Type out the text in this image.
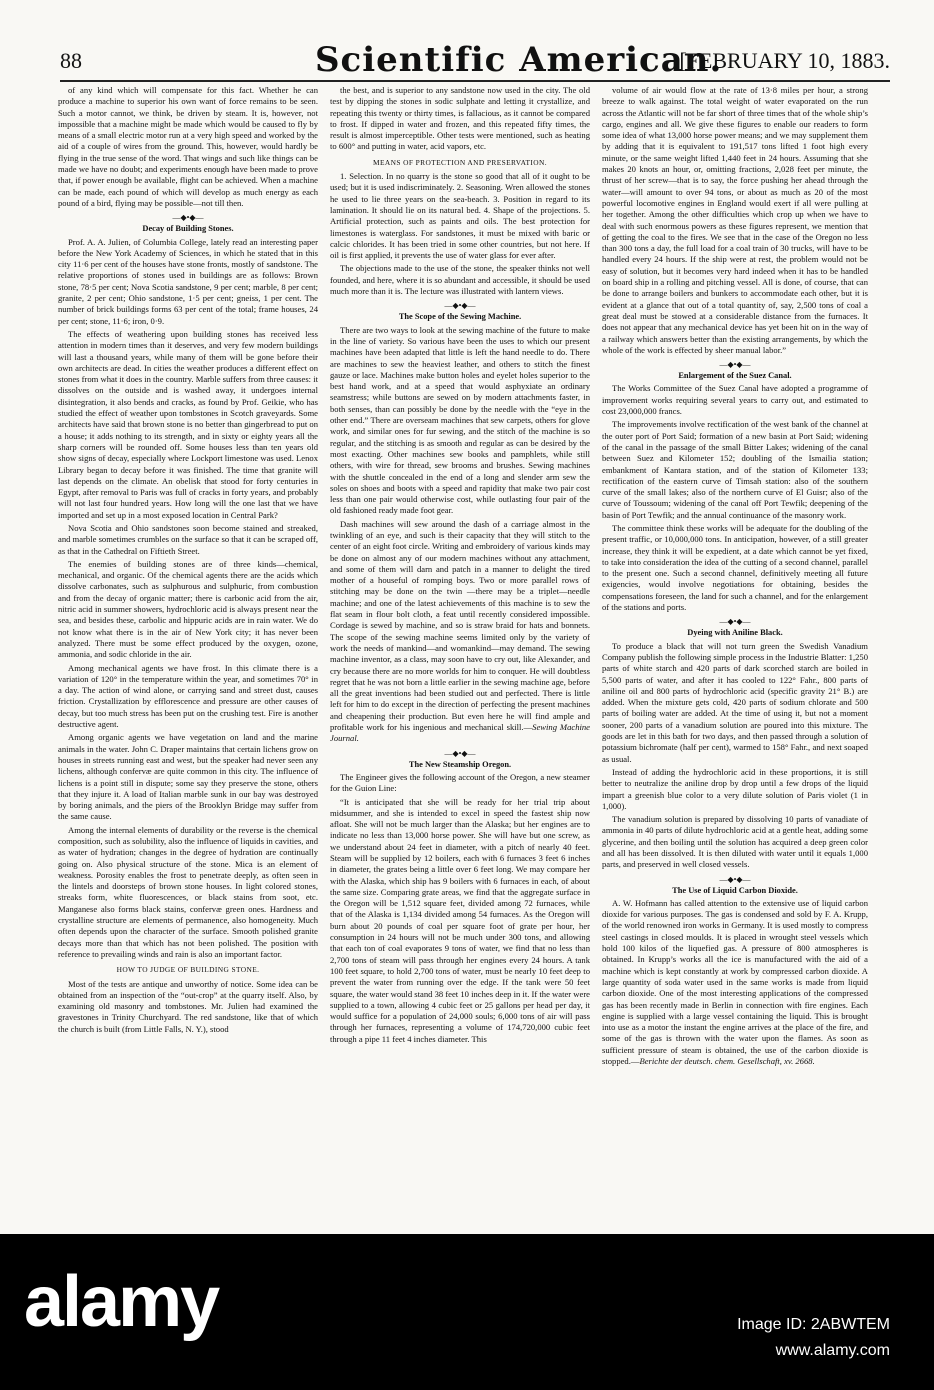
88	Scientific American.
[FEBRUARY 10, 1883.

of any kind which will compensate for this fact. Whether he can produce a machine to superior his own want of force remains to be seen. Such a motor cannot, we think, be driven by steam. It is, however, not impossible that a machine might be made which would be caused to fly by means of a small electric motor run at a very high speed and worked by the aid of a couple of wires from the ground. This, however, would hardly be flying in the true sense of the word. That wings and such like things can be made we have no doubt; and experiments enough have been made to prove that, if power enough be available, flight can be achieved. When a machine can be made, each pound of which will develop as much energy as each pound of a bird, flying may be possible—not till then.

—◆•◆—

Decay of Building Stones.

Prof. A. A. Julien, of Columbia College, lately read an interesting paper before the New York Academy of Sciences, in which he stated that in this city 11·6 per cent of the houses have stone fronts, mostly of sandstone. The relative proportions of stones used in buildings are as follows: Brown stone, 78·5 per cent; Nova Scotia sandstone, 9 per cent; marble, 8 per cent; granite, 2 per cent; Ohio sandstone, 1·5 per cent; gneiss, 1 per cent. The number of brick buildings forms 63 per cent of the total; frame houses, 24 per cent; stone, 11·6; iron, 0·9.

The effects of weathering upon building stones has received less attention in modern times than it deserves, and very few modern buildings will last a thousand years, while many of them will be gone before their own architects are dead. In cities the weather produces a different effect on stones from what it does in the country. Marble suffers from three causes: it dissolves on the outside and is washed away, it undergoes internal disintegration, it also bends and cracks, as found by Prof. Geikie, who has studied the effect of weather upon tombstones in Scotch graveyards. Some architects have said that brown stone is no better than gingerbread to put on a house; it adds nothing to its strength, and in sixty or eighty years all the sharp corners will be rounded off. Some houses less than ten years old show signs of decay, especially where Lockport limestone was used. Lenox Library began to decay before it was finished. The time that granite will last depends on the climate. An obelisk that stood for forty centuries in Egypt, after removal to Paris was full of cracks in forty years, and probably will not last four hundred years. How long will the one last that we have imported and set up in a most exposed location in Central Park?

Nova Scotia and Ohio sandstones soon become stained and streaked, and marble sometimes crumbles on the surface so that it can be scraped off, as that in the Cathedral on Fiftieth Street.

The enemies of building stones are of three kinds—chemical, mechanical, and organic. Of the chemical agents there are the acids which dissolve carbonates, such as sulphurous and sulphuric, from combustion and from the decay of organic matter; there is carbonic acid from the air, nitric acid in summer showers, hydrochloric acid is always present near the sea, and besides these, carbolic and hippuric acids are in rain water. We do not know what there is in the air of New York city; it has never been analyzed. There must be some effect produced by the oxygen, ozone, ammonia, and sodic chloride in the air.

Among mechanical agents we have frost. In this climate there is a variation of 120° in the temperature within the year, and sometimes 70° in a day. The action of wind alone, or carrying sand and street dust, causes friction. Crystallization by efflorescence and pressure are other causes of decay, but too much stress has been put on the crushing test. Fire is another destructive agent.

Among organic agents we have vegetation on land and the marine animals in the water. John C. Draper maintains that certain lichens grow on houses in streets running east and west, but the speaker had never seen any lichens, although confervæ are quite common in this city. The influence of lichens is a point still in dispute; some say they preserve the stone, others that they injure it. A load of Italian marble sunk in our bay was destroyed by boring animals, and the piers of the Brooklyn Bridge may suffer from the same cause.

Among the internal elements of durability or the reverse is the chemical composition, such as solubility, also the influence of liquids in cavities, and as water of hydration; changes in the degree of hydration are continually going on. Also physical structure of the stone. Mica is an element of weakness. Porosity enables the frost to penetrate deeply, as often seen in the lintels and doorsteps of brown stone houses. In light colored stones, streaks form, white fluorescences, or black stains from soot, etc. Manganese also forms black stains, confervæ green ones. Hardness and crystalline structure are elements of permanence, also homogeneity. Much often depends upon the character of the surface. Smooth polished granite decays more than that which has not been polished. The position with reference to prevailing winds and rain is also an important factor.

HOW TO JUDGE OF BUILDING STONE.

Most of the tests are antique and unworthy of notice. Some idea can be obtained from an inspection of the “out-crop” at the quarry itself. Also, by examining old masonry and tombstones. Mr. Julien had examined the gravestones in Trinity Churchyard. The red sandstone, like that of which the church is built (from Little Falls, N. Y.), stood

the best, and is superior to any sandstone now used in the city. The old test by dipping the stones in sodic sulphate and letting it crystallize, and repeating this twenty or thirty times, is fallacious, as it cannot be compared to frost. If dipped in water and frozen, and this repeated fifty times, the result is almost imperceptible. Other tests were mentioned, such as heating to 600° and putting in water, acid vapors, etc.

MEANS OF PROTECTION AND PRESERVATION.

1. Selection. In no quarry is the stone so good that all of it ought to be used; but it is used indiscriminately. 2. Seasoning. Wren allowed the stones he used to lie three years on the sea-beach. 3. Position in regard to its lamination. It should lie on its natural bed. 4. Shape of the projections. 5. Artificial protection, such as paints and oils. The best protection for limestones is waterglass. For sandstones, it must be mixed with baric or calcic chlorides. It has been tried in some other countries, but not here. If oil is first applied, it prevents the use of water glass for ever after.

The objections made to the use of the stone, the speaker thinks not well founded, and here, where it is so abundant and accessible, it should be used much more than it is. The lecture was illustrated with lantern views.

—◆•◆—

The Scope of the Sewing Machine.

There are two ways to look at the sewing machine of the future to make in the line of variety. So various have been the uses to which our present machines have been adapted that little is left the hand needle to do. There are machines to sew the heaviest leather, and others to stitch the finest gauze or lace. Machines make button holes and eyelet holes superior to the best hand work, and at a speed that would asphyxiate an ordinary seamstress; while buttons are sewed on by modern attachments faster, in both senses, than can possibly be done by the needle with the “eye in the other end.” There are overseam machines that sew carpets, others for glove work, and similar ones for fur sewing, and the stitch of the machine is so regular, and the stitching is as smooth and regular as can be desired by the most exacting. Other machines sew books and pamphlets, while still others, with wire for thread, sew brooms and brushes. Sewing machines with the shuttle concealed in the end of a long and slender arm sew the soles on shoes and boots with a speed and rapidity that make two pair cost less than one pair would otherwise cost, while outlasting four pair of the old fashioned ready made foot gear.

Dash machines will sew around the dash of a carriage almost in the twinkling of an eye, and such is their capacity that they will stitch to the center of an eight foot circle. Writing and embroidery of various kinds may be done on almost any of our modern machines without any attachment, and some of them will darn and patch in a manner to delight the tired mother of a houseful of romping boys. Two or more parallel rows of stitching may be done on the twin —there may be a triplet—needle machine; and one of the latest achievements of this machine is to sew the flat seam in flour bolt cloth, a feat until recently considered impossible. Cordage is sewed by machine, and so is straw braid for hats and bonnets. The scope of the sewing machine seems limited only by the variety of work the needs of mankind—and womankind—may demand. The sewing machine inventor, as a class, may soon have to cry out, like Alexander, and cry because there are no more worlds for him to conquer. He will doubtless regret that he was not born a little earlier in the sewing machine age, before all the great inventions had been studied out and perfected. There is little left for him to do except in the direction of perfecting the present machines and cheapening their production. But even here he will find ample and profitable work for his ingenious and mechanical skill.—Sewing Machine Journal.

—◆•◆—

The New Steamship Oregon.

The Engineer gives the following account of the Oregon, a new steamer for the Guion Line:

“It is anticipated that she will be ready for her trial trip about midsummer, and she is intended to excel in speed the fastest ship now afloat. She will not be much larger than the Alaska; but her engines are to indicate no less than 13,000 horse power. She will have but one screw, as we understand about 24 feet in diameter, with a pitch of nearly 40 feet. Steam will be supplied by 12 boilers, each with 6 furnaces 3 feet 6 inches in diameter, the grates being a little over 6 feet long. We may compare her with the Alaska, which ship has 9 boilers with 6 furnaces in each, of about the same size. Comparing grate areas, we find that the aggregate surface in the Oregon will be 1,512 square feet, divided among 72 furnaces, while that of the Alaska is 1,134 divided among 54 furnaces. As the Oregon will burn about 20 pounds of coal per square foot of grate per hour, her consumption in 24 hours will not be much under 300 tons, and allowing that each ton of coal evaporates 9 tons of water, we find that no less than 2,700 tons of steam will pass through her engines every 24 hours. A tank 100 feet square, to hold 2,700 tons of water, must be nearly 10 feet deep to prevent the water from running over the edge. If the tank were 50 feet square, the water would stand 38 feet 10 inches deep in it. If the water were supplied to a town, allowing 4 cubic feet or 25 gallons per head per day, it would suffice for a population of 24,000 souls; 6,000 tons of air will pass through her furnaces, representing a volume of 174,720,000 cubic feet through a pipe 11 feet 4 inches diameter. This

volume of air would flow at the rate of 13·8 miles per hour, a strong breeze to walk against. The total weight of water evaporated on the run across the Atlantic will not be far short of three times that of the whole ship’s cargo, engines and all. We give these figures to enable our readers to form some idea of what 13,000 horse power means; and we may supplement them by adding that it is equivalent to 191,517 tons lifted 1 foot high every minute, or the same weight lifted 1,440 feet in 24 hours. Assuming that she makes 20 knots an hour, or, omitting fractions, 2,028 feet per minute, the thrust of her screw—that is to say, the force pushing her ahead through the water—will amount to over 94 tons, or about as much as 20 of the most powerful locomotive engines in England would exert if all were pulling at her together. Among the other difficulties which crop up when we have to deal with such enormous powers as these figures represent, we mention that of getting the coal to the fires. We see that in the case of the Oregon no less than 300 tons a day, the full load for a coal train of 30 trucks, will have to be handled every 24 hours. If the ship were at rest, the problem would not be easy of solution, but it becomes very hard indeed when it has to be handled on board ship in a rolling and pitching vessel. All is done, of course, that can be done to arrange boilers and bunkers to accommodate each other, but it is evident at a glance that out of a total quantity of, say, 2,500 tons of coal a great deal must be stowed at a considerable distance from the furnaces. It does not appear that any mechanical device has yet been hit on in the way of a railway which answers better than the existing arrangements, by which the whole of the work is effected by sheer manual labor.”

—◆•◆—

Enlargement of the Suez Canal.

The Works Committee of the Suez Canal have adopted a programme of improvement works requiring several years to carry out, and estimated to cost 23,000,000 francs.

The improvements involve rectification of the west bank of the channel at the outer port of Port Said; formation of a new basin at Port Said; widening of the canal in the passage of the small Bitter Lakes; widening of the canal between Suez and Kilometer 152; doubling of the Ismailia station; embankment of Kantara station, and of the station of Kilometer 133; rectification of the eastern curve of Timsah station: also of the southern curve of the small lakes; also of the northern curve of El Guisr; also of the curve of Toussoum; widening of the canal off Port Tewfik; deepening of the basin of Port Tewfik; and the annual continuance of the masonry work.

The committee think these works will be adequate for the doubling of the present traffic, or 10,000,000 tons. In anticipation, however, of a still greater increase, they think it will be expedient, at a date which cannot be yet fixed, to take into consideration the idea of the cutting of a second channel, parallel to the present one. Such a second channel, definitively meeting all future exigencies, would involve negotiations for obtaining, besides the compensations foreseen, the land for such a channel, and for the enlargement of the stations and ports.

—◆•◆—

Dyeing with Aniline Black.

To produce a black that will not turn green the Swedish Vanadium Company publish the following simple process in the Industrie Blatter: 1,250 parts of white starch and 420 parts of dark scorched starch are boiled in 5,500 parts of water, and after it has cooled to 122° Fahr., 800 parts of aniline oil and 800 parts of hydrochloric acid (specific gravity 21° B.) are added. When the mixture gets cold, 420 parts of sodium chlorate and 500 parts of boiling water are added. At the time of using it, but not a moment sooner, 200 parts of a vanadium solution are poured into this mixture. The goods are let in this bath for two days, and then passed through a solution of potassium bichromate (half per cent), warmed to 158° Fahr., and next soaped as usual.

Instead of adding the hydrochloric acid in these proportions, it is still better to neutralize the aniline drop by drop until a few drops of the liquid impart a greenish blue color to a very dilute solution of Paris violet (1 in 1,000).

The vanadium solution is prepared by dissolving 10 parts of vanadiate of ammonia in 40 parts of dilute hydrochloric acid at a gentle heat, adding some glycerine, and then boiling until the solution has acquired a deep green color and all has been dissolved. It is then diluted with water until it equals 1,000 parts, and preserved in well closed vessels.

—◆•◆—

The Use of Liquid Carbon Dioxide.

A. W. Hofmann has called attention to the extensive use of liquid carbon dioxide for various purposes. The gas is condensed and sold by F. A. Krupp, of the world renowned iron works in Germany. It is used mostly to compress steel castings in closed moulds. It is placed in wrought steel vessels which hold 100 kilos of the liquefied gas. A pressure of 800 atmospheres is obtained. In Krupp’s works all the ice is manufactured with the aid of a machine which is kept constantly at work by compressed carbon dioxide. A large quantity of soda water used in the same works is made from liquid carbon dioxide. One of the most interesting applications of the compressed gas has been recently made in Berlin in connection with fire engines. Each engine is supplied with a large vessel containing the liquid. This is brought into use as a motor the instant the engine arrives at the place of the fire, and some of the gas is thrown with the water upon the flames. As soon as sufficient pressure of steam is obtained, the use of the carbon dioxide is stopped.—Berichte der deutsch. chem. Gesellschaft, xv. 2668.

alamy	Image ID: 2ABWTEM
www.alamy.com
